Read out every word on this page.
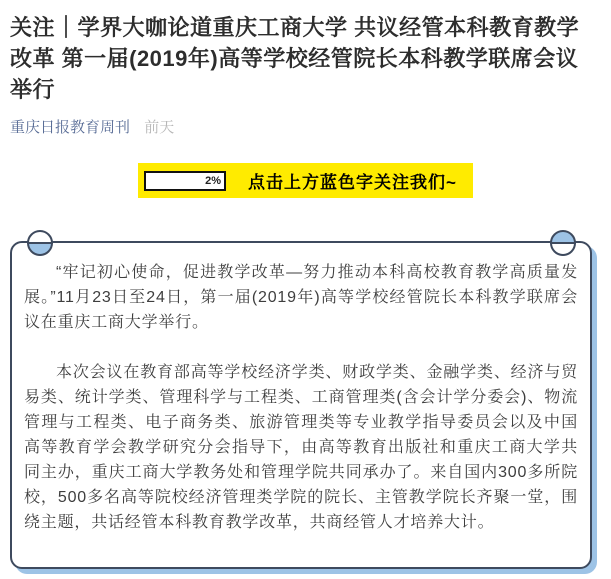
关注｜学界大咖论道重庆工商大学 共议经管本科教育教学改革 第一届(2019年)高等学校经管院长本科教学联席会议举行
重庆日报教育周刊 前天
2% 点击上方蓝色字关注我们~

“牢记初心使命，促进教学改革—努力推动本科高校教育教学高质量发展。”11月23日至24日，第一届(2019年)高等学校经管院长本科教学联席会议在重庆工商大学举行。

本次会议在教育部高等学校经济学类、财政学类、金融学类、经济与贸易类、统计学类、管理科学与工程类、工商管理类(含会计学分委会)、物流管理与工程类、电子商务类、旅游管理类等专业教学指导委员会以及中国高等教育学会教学研究分会指导下，由高等教育出版社和重庆工商大学共同主办，重庆工商大学教务处和管理学院共同承办了。来自国内300多所院校，500多名高等院校经济管理类学院的院长、主管教学院长齐聚一堂，围绕主题，共话经管本科教育教学改革，共商经管人才培养大计。
